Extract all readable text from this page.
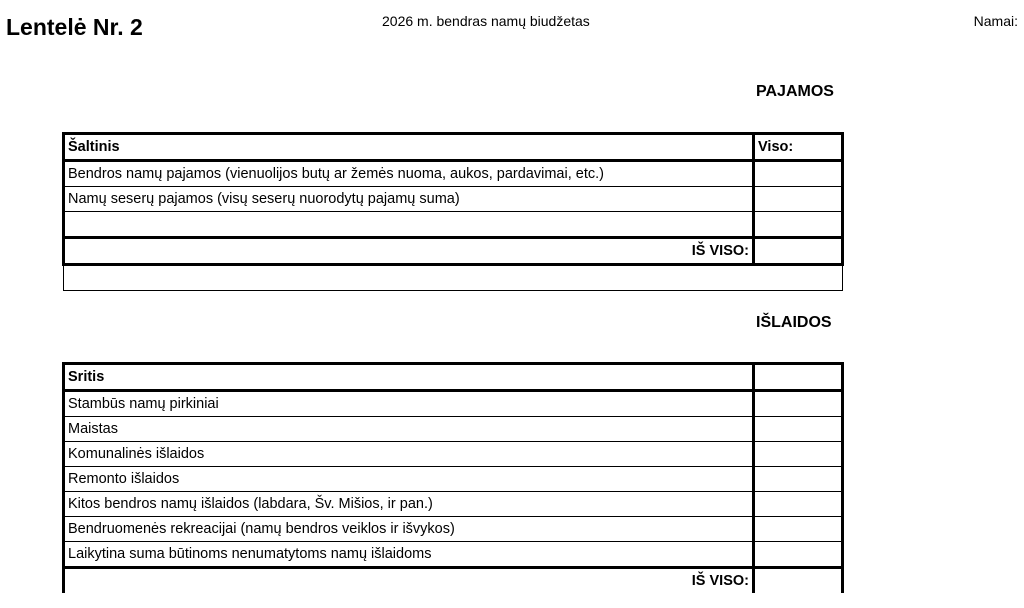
Lentelė Nr. 2	2026 m. bendras namų biudžetas	Namai:
PAJAMOS
Šaltinis	Viso:
Bendros namų pajamos (vienuolijos butų ar žemės nuoma, aukos, pardavimai, etc.)	
Namų seserų pajamos (visų seserų nuorodytų pajamų suma)	

IŠ VISO:	

IŠLAIDOS
Sritis	
Stambūs namų pirkiniai	
Maistas	
Komunalinės išlaidos	
Remonto išlaidos	
Kitos bendros namų išlaidos (labdara, Šv. Mišios, ir pan.)	
Bendruomenės rekreacijai (namų bendros veiklos ir išvykos)	
Laikytina suma būtinoms nenumatytoms namų išlaidoms	
IŠ VISO:	
